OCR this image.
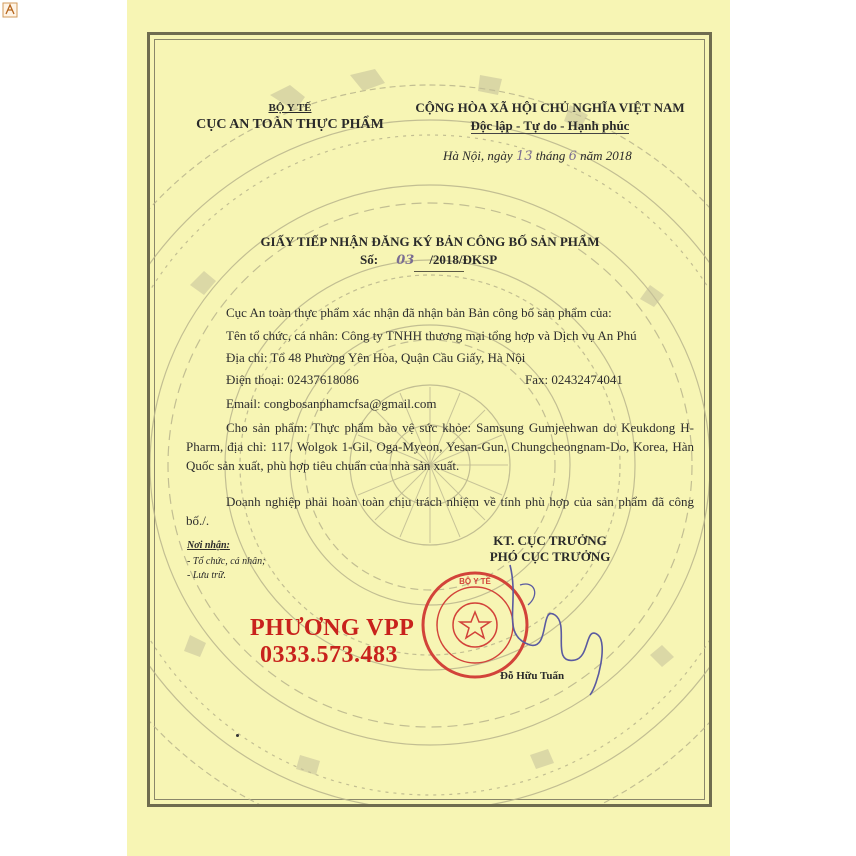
BỘ Y TẾ
CỤC AN TOÀN THỰC PHẨM
CỘNG HÒA XÃ HỘI CHỦ NGHĨA VIỆT NAM
Độc lập - Tự do - Hạnh phúc
Hà Nội, ngày 13 tháng 6 năm 2018
GIẤY TIẾP NHẬN ĐĂNG KÝ BẢN CÔNG BỐ SẢN PHẨM
Số: 03 /2018/ĐKSP
Cục An toàn thực phẩm xác nhận đã nhận bản Bản công bố sản phẩm của:
Tên tổ chức, cá nhân: Công ty TNHH thương mại tổng hợp và Dịch vụ An Phú
Địa chỉ: Tổ 48 Phường Yên Hòa, Quận Cầu Giấy, Hà Nội
Điện thoại: 02437618086	Fax: 02432474041
Email: congbosanphamcfsa@gmail.com
Cho sản phẩm: Thực phẩm bảo vệ sức khỏe: Samsung Gumjeehwan do Keukdong H-Pharm, địa chỉ: 117, Wolgok 1-Gil, Oga-Myeon, Yesan-Gun, Chungcheongnam-Do, Korea, Hàn Quốc sản xuất, phù hợp tiêu chuẩn của nhà sản xuất.
Doanh nghiệp phải hoàn toàn chịu trách nhiệm về tính phù hợp của sản phẩm đã công bố./.
Nơi nhận:
- Tổ chức, cá nhân;
- Lưu trữ.
KT. CỤC TRƯỞNG
PHÓ CỤC TRƯỞNG
BỘ Y TẾ
Đỗ Hữu Tuấn
PHƯƠNG VPP
0333.573.483
